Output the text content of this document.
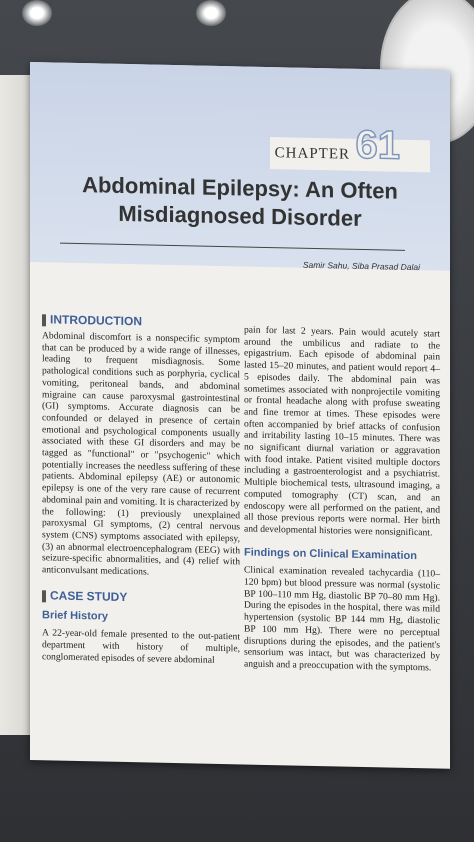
CHAPTER 61
Abdominal Epilepsy: An Often
Misdiagnosed Disorder
Samir Sahu, Siba Prasad Dalai
INTRODUCTION

Abdominal discomfort is a nonspecific symptom that can be produced by a wide range of illnesses, leading to frequent misdiagnosis. Some pathological conditions such as porphyria, cyclical vomiting, peritoneal bands, and abdominal migraine can cause paroxysmal gastrointestinal (GI) symptoms. Accurate diagnosis can be confounded or delayed in presence of certain emotional and psychological components usually associated with these GI disorders and may be tagged as "functional" or "psychogenic" which potentially increases the needless suffering of these patients. Abdominal epilepsy (AE) or autonomic epilepsy is one of the very rare cause of recurrent abdominal pain and vomiting. It is characterized by the following: (1) previously unexplained paroxysmal GI symptoms, (2) central nervous system (CNS) symptoms associated with epilepsy, (3) an abnormal electroencephalogram (EEG) with seizure-specific abnormalities, and (4) relief with anticonvulsant medications.

CASE STUDY
Brief History

A 22-year-old female presented to the out-patient department with history of multiple, conglomerated episodes of severe abdominal

pain for last 2 years. Pain would acutely start around the umbilicus and radiate to the epigastrium. Each episode of abdominal pain lasted 15–20 minutes, and patient would report 4–5 episodes daily. The abdominal pain was sometimes associated with nonprojectile vomiting or frontal headache along with profuse sweating and fine tremor at times. These episodes were often accompanied by brief attacks of confusion and irritability lasting 10–15 minutes. There was no significant diurnal variation or aggravation with food intake. Patient visited multiple doctors including a gastroenterologist and a psychiatrist. Multiple biochemical tests, ultrasound imaging, a computed tomography (CT) scan, and an endoscopy were all performed on the patient, and all those previous reports were normal. Her birth and developmental histories were nonsignificant.

Findings on Clinical Examination

Clinical examination revealed tachycardia (110–120 bpm) but blood pressure was normal (systolic BP 100–110 mm Hg, diastolic BP 70–80 mm Hg). During the episodes in the hospital, there was mild hypertension (systolic BP 144 mm Hg, diastolic BP 100 mm Hg). There were no perceptual disruptions during the episodes, and the patient's sensorium was intact, but was characterized by anguish and a preoccupation with the symptoms.
